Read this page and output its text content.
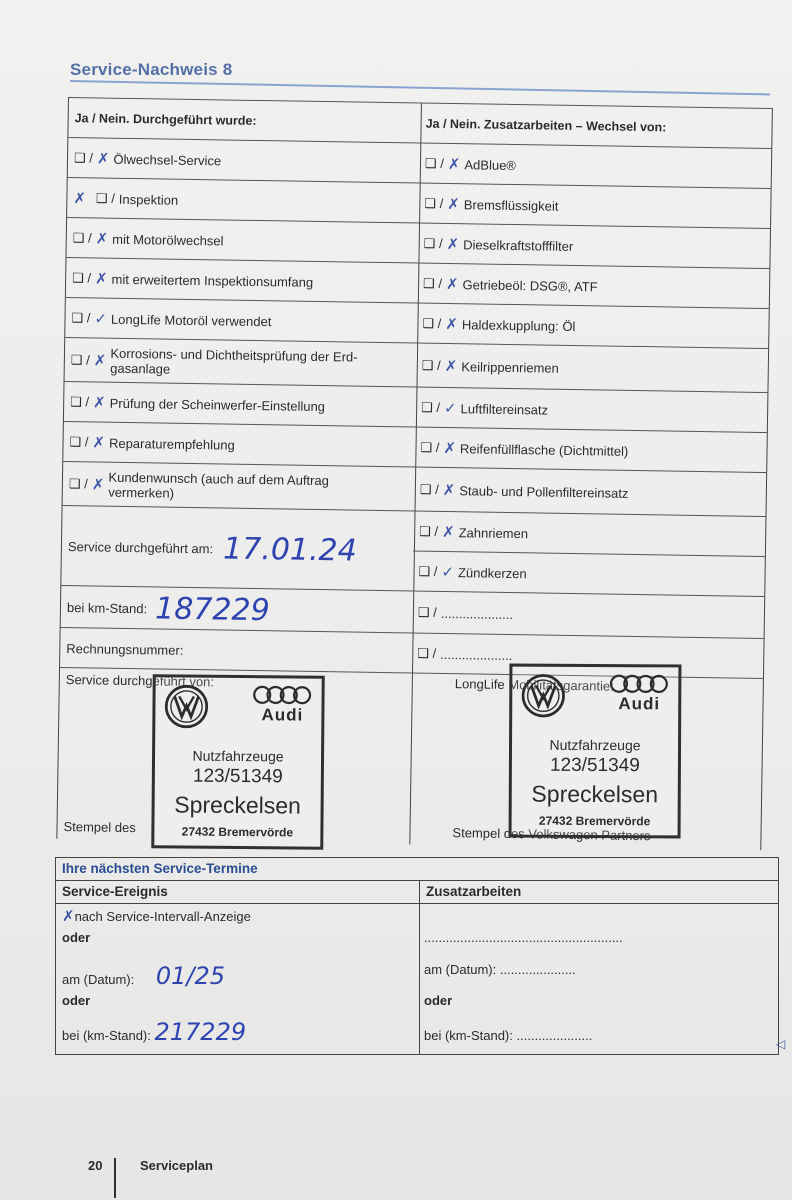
Service-Nachweis 8
Ja / Nein. Durchgeführt wurde:
❑ / ✗ Ölwechsel-Service
✗ ❑ / Inspektion
❑ / ✗ mit Motorölwechsel
❑ / ✗ mit erweitertem Inspektionsumfang
❑ / ✓ LongLife Motoröl verwendet
❑ / ✗ Korrosions- und Dichtheitsprüfung der Erd-gasanlage
❑ / ✗ Prüfung der Scheinwerfer-Einstellung
❑ / ✗ Reparaturempfehlung
❑ / ✗ Kundenwunsch (auch auf dem Auftrag vermerken)
Service durchgeführt am: 17.01.24
bei km-Stand: 187229
Rechnungsnummer:
Service durchgeführt von:
Stempel des
Ja / Nein. Zusatzarbeiten – Wechsel von:
❑ / ✗ AdBlue®
❑ / ✗ Bremsflüssigkeit
❑ / ✗ Dieselkraftstofffilter
❑ / ✗ Getriebeöl: DSG®, ATF
❑ / ✗ Haldexkupplung: Öl
❑ / ✗ Keilrippenriemen
❑ / ✓ Luftfiltereinsatz
❑ / ✗ Reifenfüllflasche (Dichtmittel)
❑ / ✗ Staub- und Pollenfiltereinsatz
❑ / ✗ Zahnriemen
❑ / ✓ Zündkerzen
❑ / ....................
❑ / ....................
LongLife Mobilitätsgarantie:
Stempel des Volkswagen Partners
Audi
Nutzfahrzeuge
123/51349
Spreckelsen
27432 Bremervörde
Audi
Nutzfahrzeuge
123/51349
Spreckelsen
27432 Bremervörde
Ihre nächsten Service-Termine
Service-Ereignis	Zusatzarbeiten
✗nach Service-Intervall-Anzeige
oder
am (Datum): 01/25
oder
bei (km-Stand): 217229
.......................................................
am (Datum): .....................
oder
bei (km-Stand): .....................
◁
20	Serviceplan
